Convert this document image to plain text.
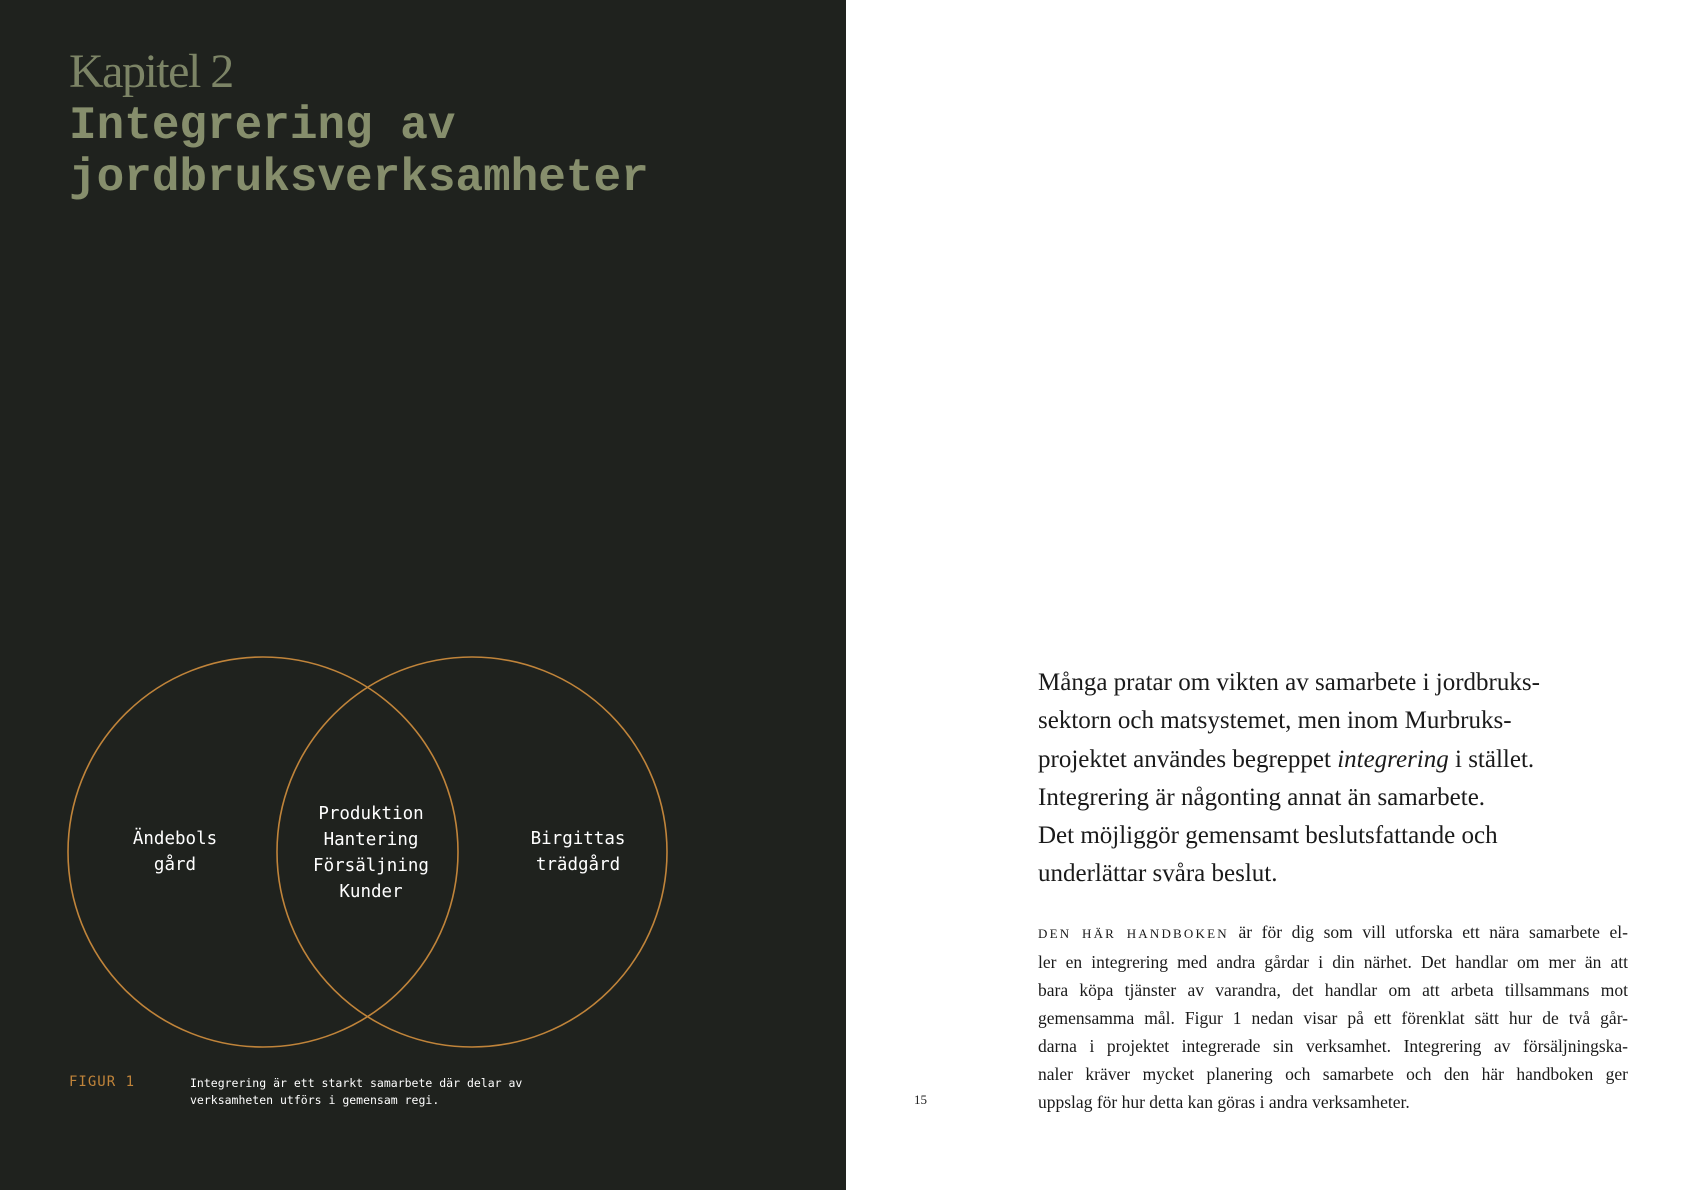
Kapitel 2
Integrering av
jordbruksverksamheter
Ändebols
gård
Produktion
Hantering
Försäljning
Kunder
Birgittas
trädgård
FIGUR 1	Integrering är ett starkt samarbete där delar av
verksamheten utförs i gemensam regi.
Många pratar om vikten av samarbete i jordbruks-
sektorn och matsystemet, men inom Murbruks-
projektet användes begreppet integrering i stället.
Integrering är någonting annat än samarbete.
Det möjliggör gemensamt beslutsfattande och
underlättar svåra beslut.
DEN HÄR HANDBOKEN är för dig som vill utforska ett nära samarbete el-
ler en integrering med andra gårdar i din närhet. Det handlar om mer än att
bara köpa tjänster av varandra, det handlar om att arbeta tillsammans mot
gemensamma mål. Figur 1 nedan visar på ett förenklat sätt hur de två går-
darna i projektet integrerade sin verksamhet. Integrering av försäljningska-
naler kräver mycket planering och samarbete och den här handboken ger
uppslag för hur detta kan göras i andra verksamheter.
15
